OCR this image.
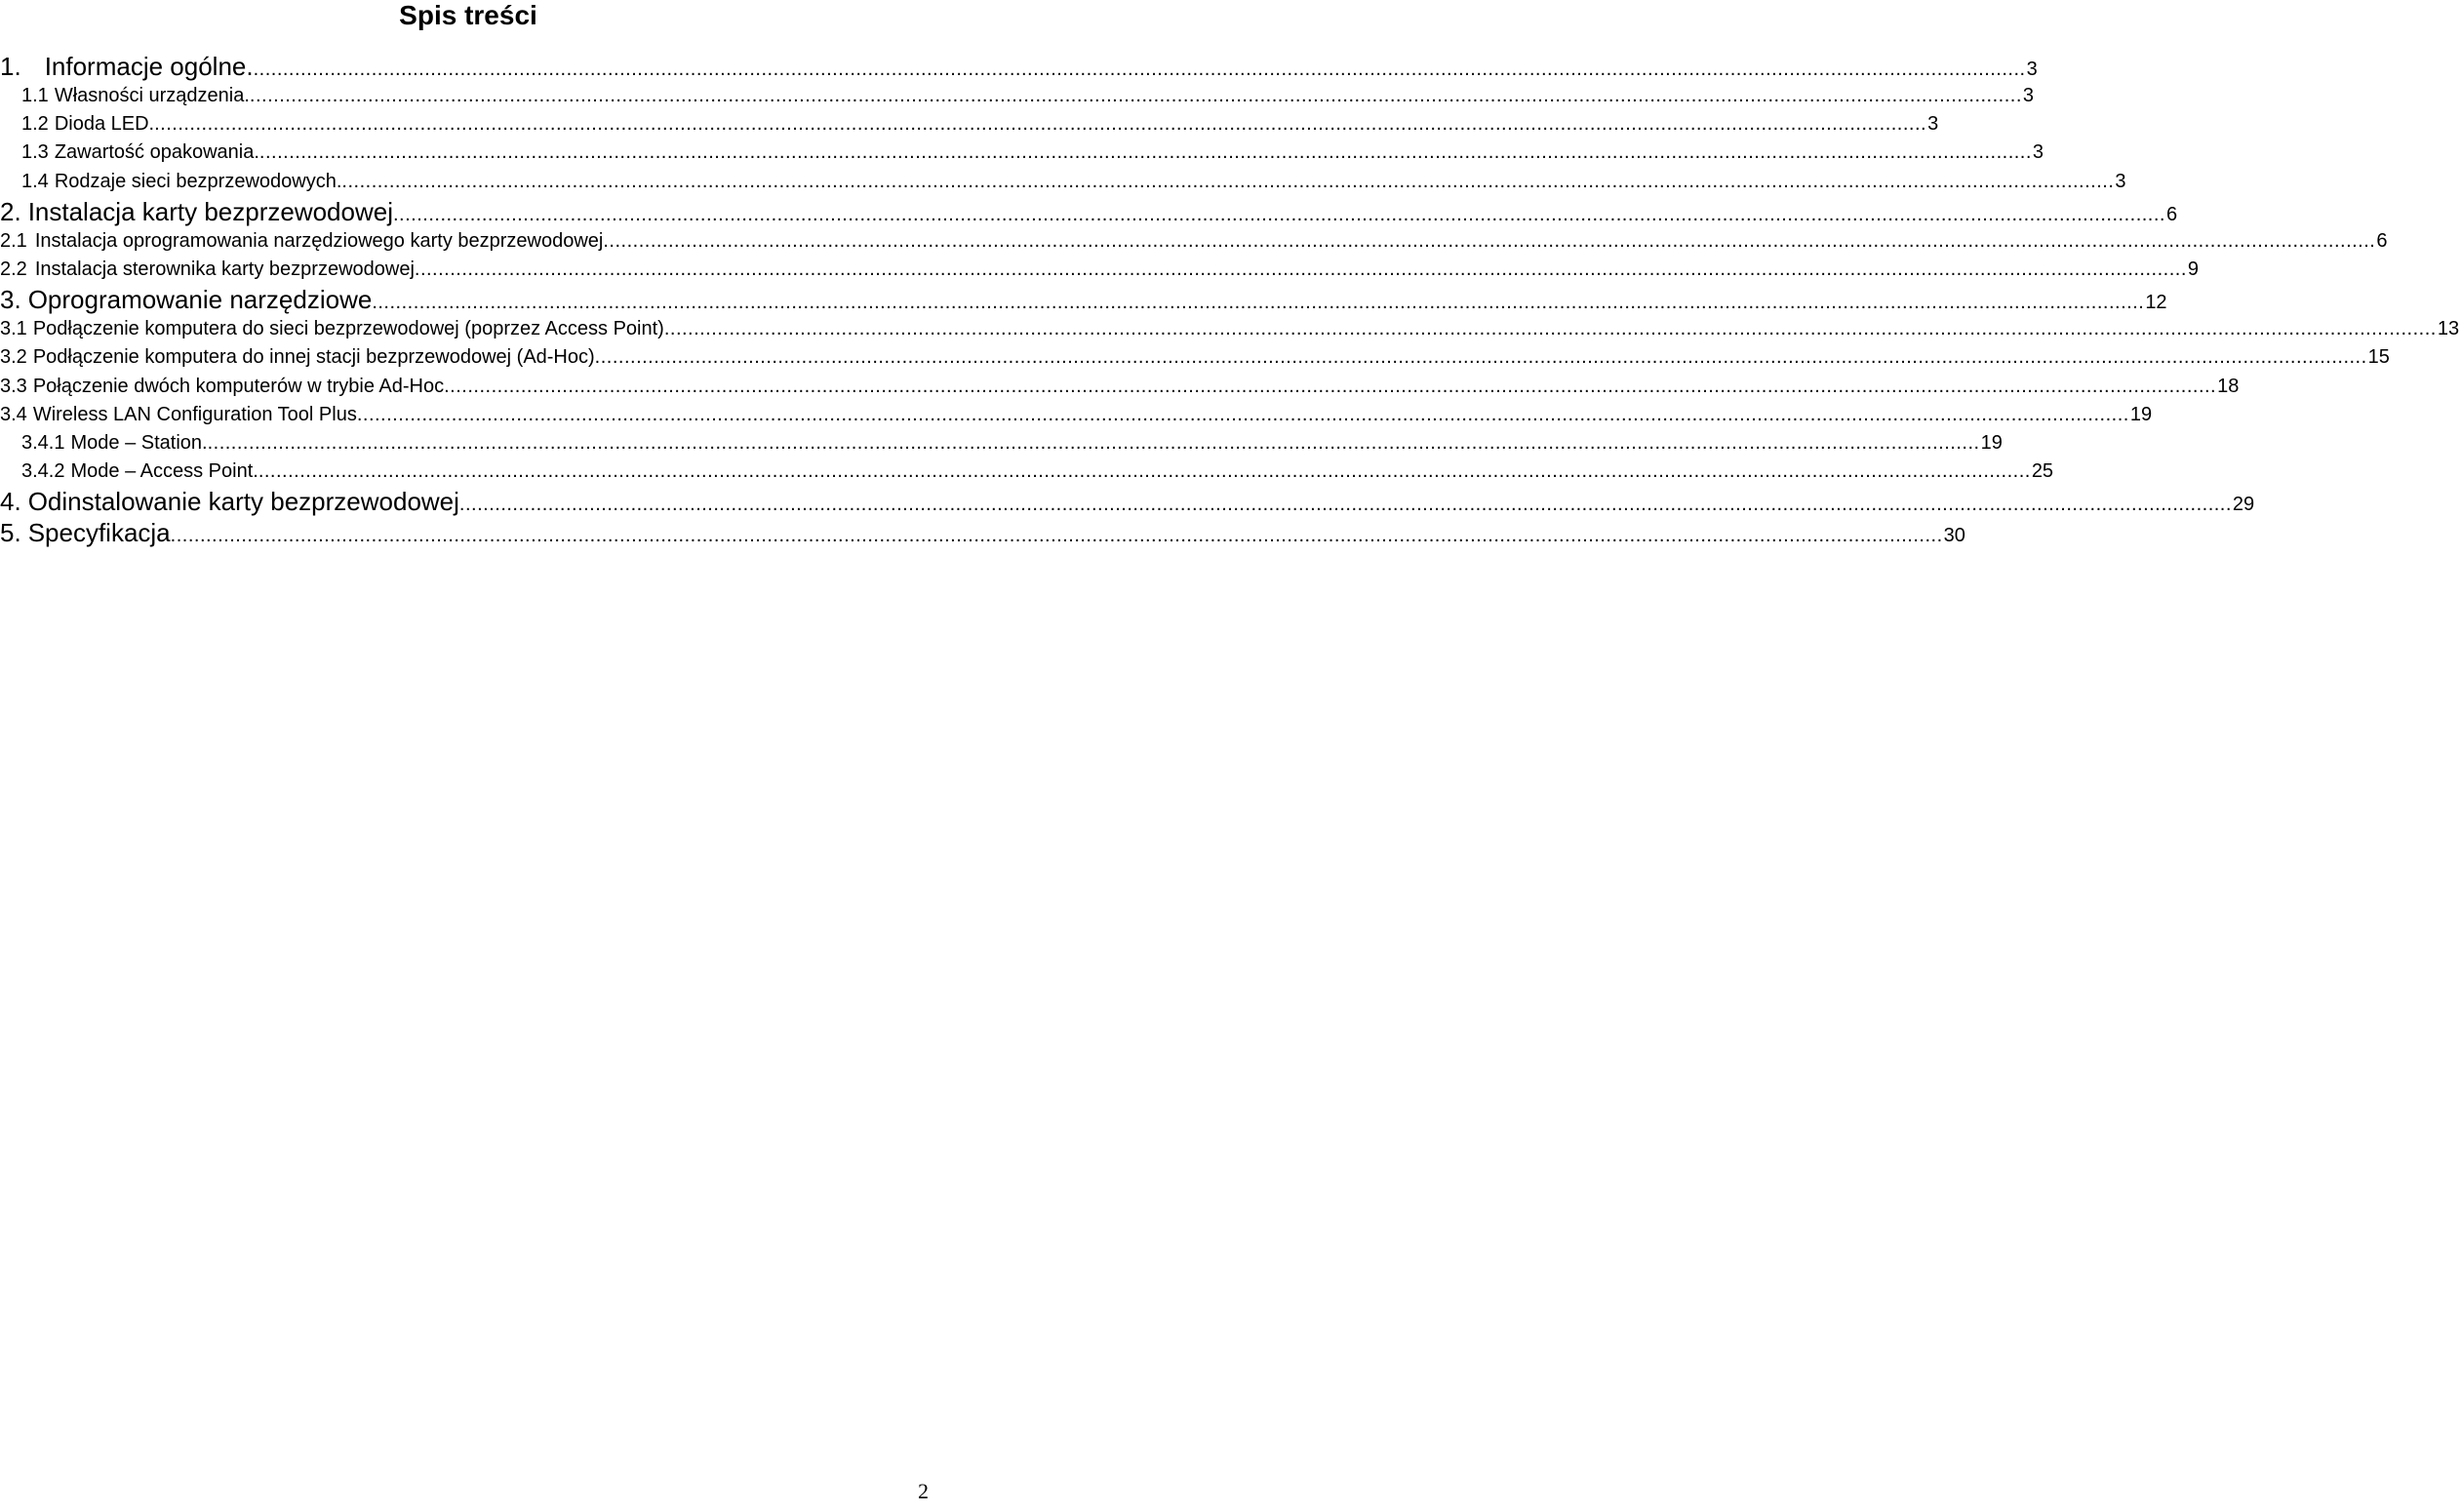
Spis treści
1. Informacje ogólne. ............................................................................................................................................................................................................................................................................................................ 3
1.1 Własności urządzenia. ............................................................................................................................................................................................................................................................................................................ 3
1.2 Dioda LED. ............................................................................................................................................................................................................................................................................................................ 3
1.3 Zawartość opakowania. ............................................................................................................................................................................................................................................................................................................ 3
1.4 Rodzaje sieci bezprzewodowych. ............................................................................................................................................................................................................................................................................................................ 3
2. Instalacja karty bezprzewodowej ............................................................................................................................................................................................................................................................................................................ 6
2.1 Instalacja oprogramowania narzędziowego karty bezprzewodowej ............................................................................................................................................................................................................................................................................................................ 6
2.2 Instalacja sterownika karty bezprzewodowej ............................................................................................................................................................................................................................................................................................................ 9
3. Oprogramowanie narzędziowe ............................................................................................................................................................................................................................................................................................................ 12
3.1 Podłączenie komputera do sieci bezprzewodowej (poprzez Access Point) ............................................................................................................................................................................................................................................................................................................ 13
3.2 Podłączenie komputera do innej stacji bezprzewodowej (Ad-Hoc) ............................................................................................................................................................................................................................................................................................................ 15
3.3 Połączenie dwóch komputerów w trybie Ad-Hoc ............................................................................................................................................................................................................................................................................................................ 18
3.4 Wireless LAN Configuration Tool Plus ............................................................................................................................................................................................................................................................................................................ 19
3.4.1 Mode – Station. ............................................................................................................................................................................................................................................................................................................ 19
3.4.2 Mode – Access Point. ............................................................................................................................................................................................................................................................................................................ 25
4. Odinstalowanie karty bezprzewodowej ............................................................................................................................................................................................................................................................................................................ 29
5. Specyfikacja ............................................................................................................................................................................................................................................................................................................ 30
2
